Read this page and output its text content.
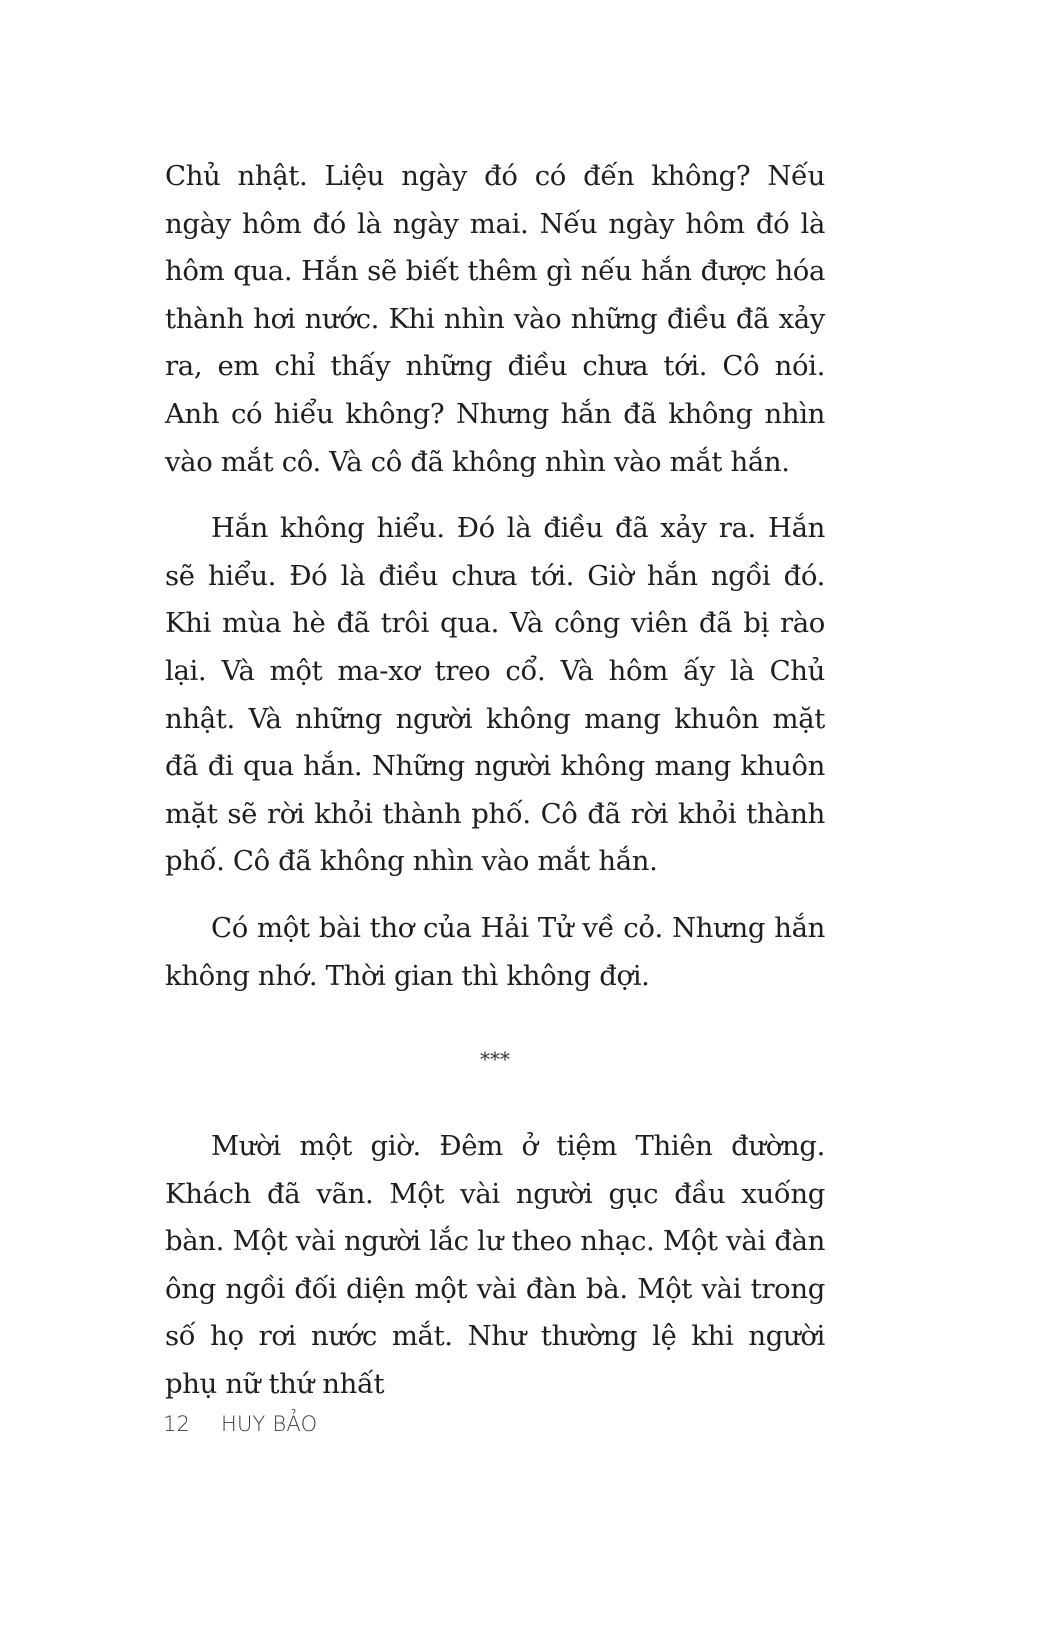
Chủ nhật. Liệu ngày đó có đến không? Nếu ngày hôm đó là ngày mai. Nếu ngày hôm đó là hôm qua. Hắn sẽ biết thêm gì nếu hắn được hóa thành hơi nước. Khi nhìn vào những điều đã xảy ra, em chỉ thấy những điều chưa tới. Cô nói. Anh có hiểu không? Nhưng hắn đã không nhìn vào mắt cô. Và cô đã không nhìn vào mắt hắn.

Hắn không hiểu. Đó là điều đã xảy ra. Hắn sẽ hiểu. Đó là điều chưa tới. Giờ hắn ngồi đó. Khi mùa hè đã trôi qua. Và công viên đã bị rào lại. Và một ma-xơ treo cổ. Và hôm ấy là Chủ nhật. Và những người không mang khuôn mặt đã đi qua hắn. Những người không mang khuôn mặt sẽ rời khỏi thành phố. Cô đã rời khỏi thành phố. Cô đã không nhìn vào mắt hắn.

Có một bài thơ của Hải Tử về cỏ. Nhưng hắn không nhớ. Thời gian thì không đợi.

***

Mười một giờ. Đêm ở tiệm Thiên đường. Khách đã vãn. Một vài người gục đầu xuống bàn. Một vài người lắc lư theo nhạc. Một vài đàn ông ngồi đối diện một vài đàn bà. Một vài trong số họ rơi nước mắt. Như thường lệ khi người phụ nữ thứ nhất

12 HUY BẢO
